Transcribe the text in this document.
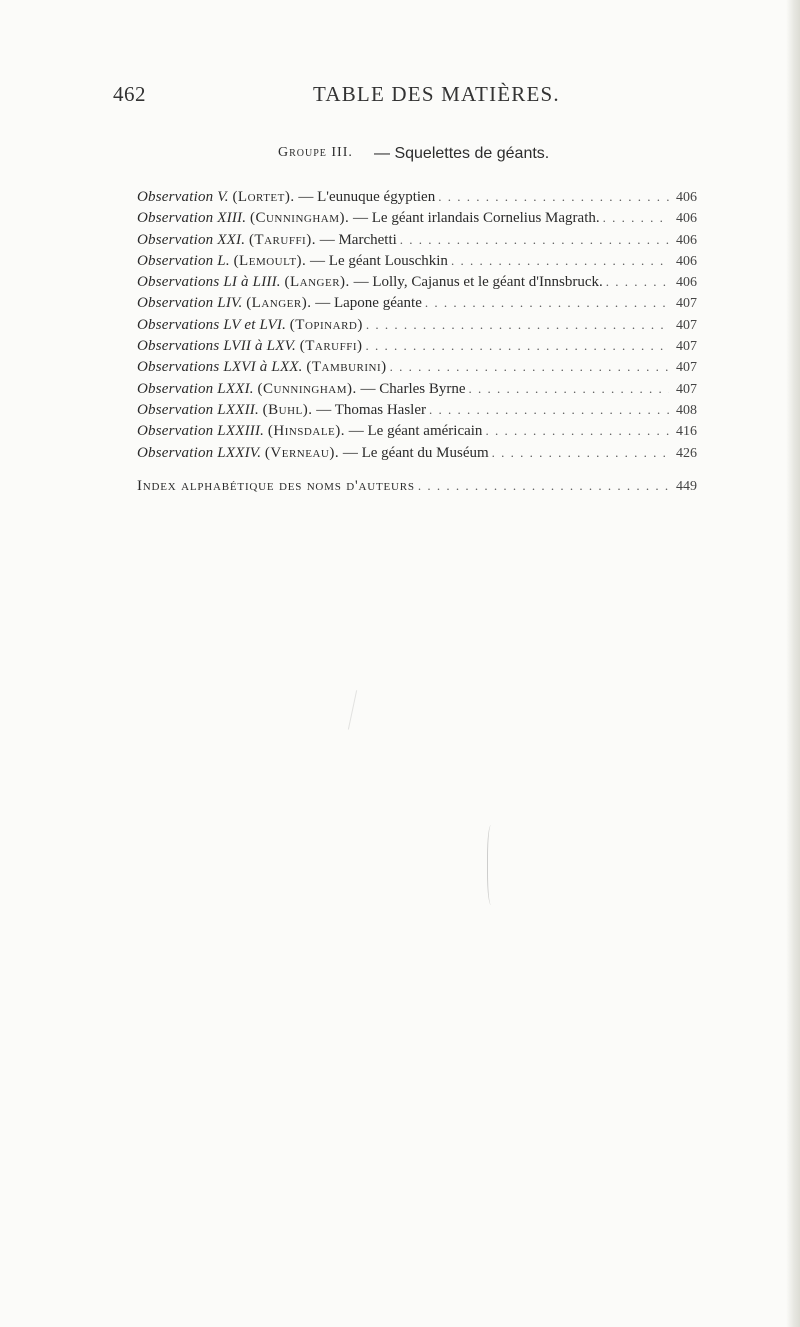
462	TABLE DES MATIÈRES.
Groupe III. — Squelettes de géants.
Observation V. (Lortet). — L'eunuque égyptien . . .	406
Observation XIII. (Cunningham). — Le géant irlandais Cornelius Magrath. . . .	406
Observation XXI. (Taruffi). — Marchetti . . .	406
Observation L. (Lemoult). — Le géant Louschkin . . .	406
Observations LI à LIII. (Langer). — Lolly, Cajanus et le géant d'Innsbruck. . . .	406
Observation LIV. (Langer). — Lapone géante . . .	407
Observations LV et LVI. (Topinard) . . .	407
Observations LVII à LXV. (Taruffi) . . .	407
Observations LXVI à LXX. (Tamburini) . . .	407
Observation LXXI. (Cunningham). — Charles Byrne . . .	407
Observation LXXII. (Buhl). — Thomas Hasler . . .	408
Observation LXXIII. (Hinsdale). — Le géant américain . . .	416
Observation LXXIV. (Verneau). — Le géant du Muséum . . .	426
Index alphabétique des noms d'auteurs . . .	449
